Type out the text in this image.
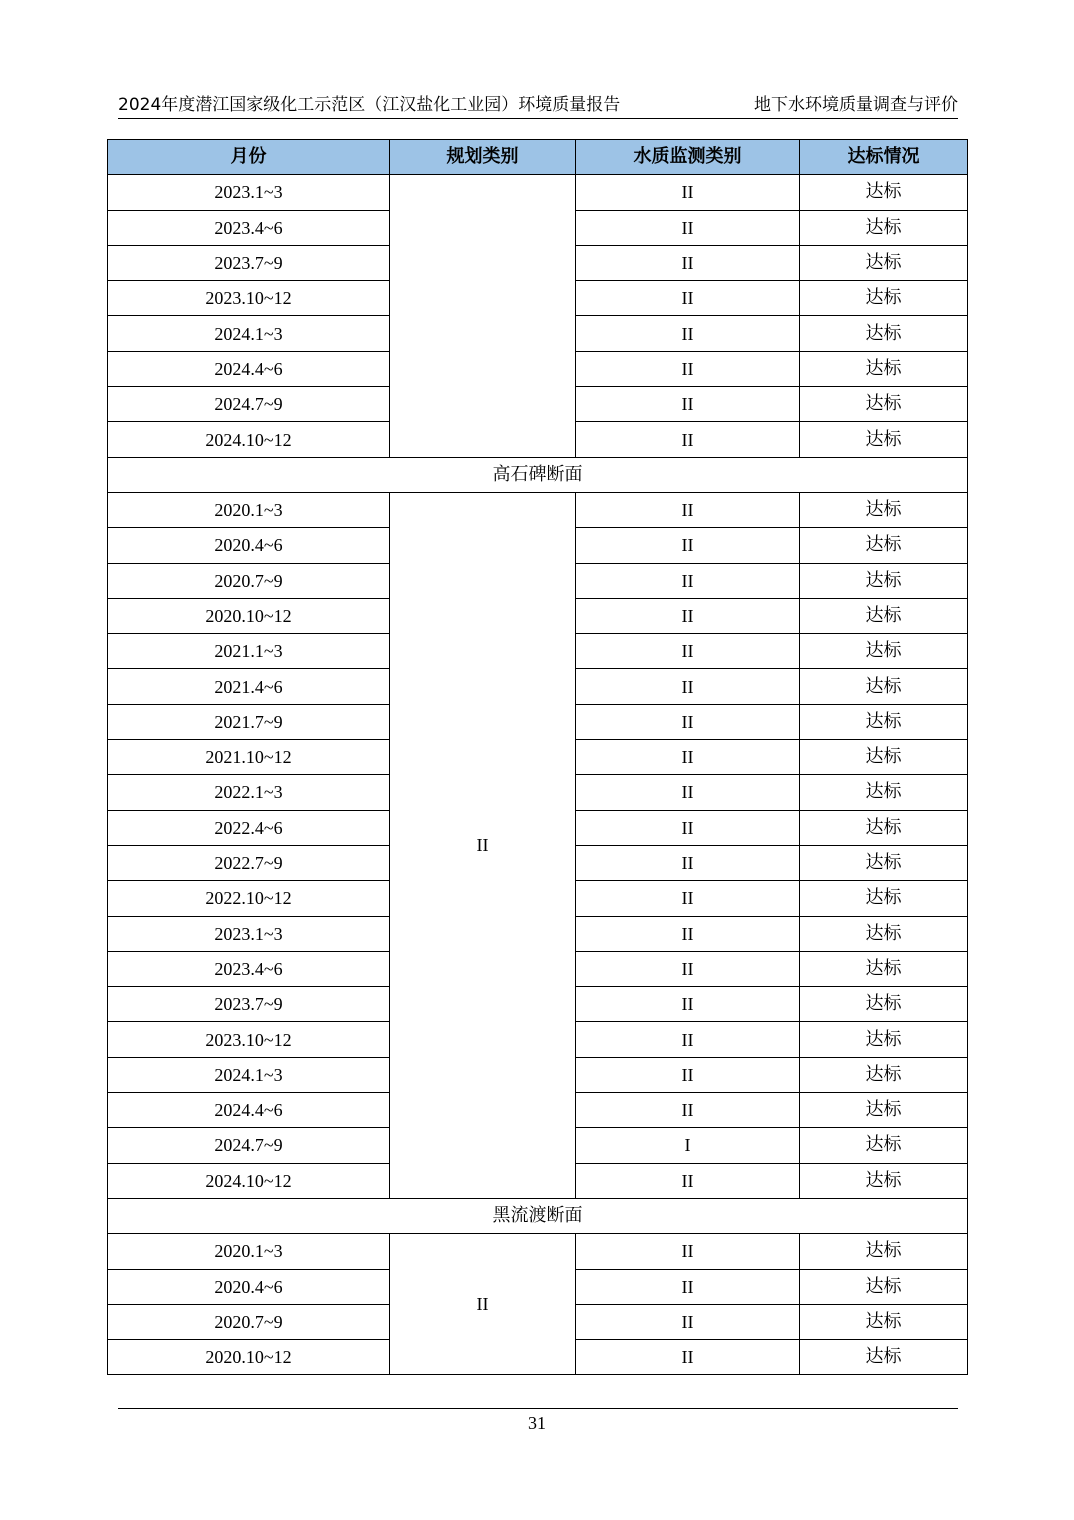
2024年度潜江国家级化工示范区（江汉盐化工业园）环境质量报告	地下水环境质量调查与评价
月份	规划类别	水质监测类别	达标情况
2023.1~3		II	达标
2023.4~6		II	达标
2023.7~9		II	达标
2023.10~12		II	达标
2024.1~3		II	达标
2024.4~6		II	达标
2024.7~9		II	达标
2024.10~12		II	达标
高石碑断面			
2020.1~3	II	II	达标
2020.4~6		II	达标
2020.7~9		II	达标
2020.10~12		II	达标
2021.1~3		II	达标
2021.4~6		II	达标
2021.7~9		II	达标
2021.10~12		II	达标
2022.1~3		II	达标
2022.4~6		II	达标
2022.7~9		II	达标
2022.10~12		II	达标
2023.1~3		II	达标
2023.4~6		II	达标
2023.7~9		II	达标
2023.10~12		II	达标
2024.1~3		II	达标
2024.4~6		II	达标
2024.7~9		I	达标
2024.10~12		II	达标
黑流渡断面			
2020.1~3	II	II	达标
2020.4~6		II	达标
2020.7~9		II	达标
2020.10~12		II	达标
31
